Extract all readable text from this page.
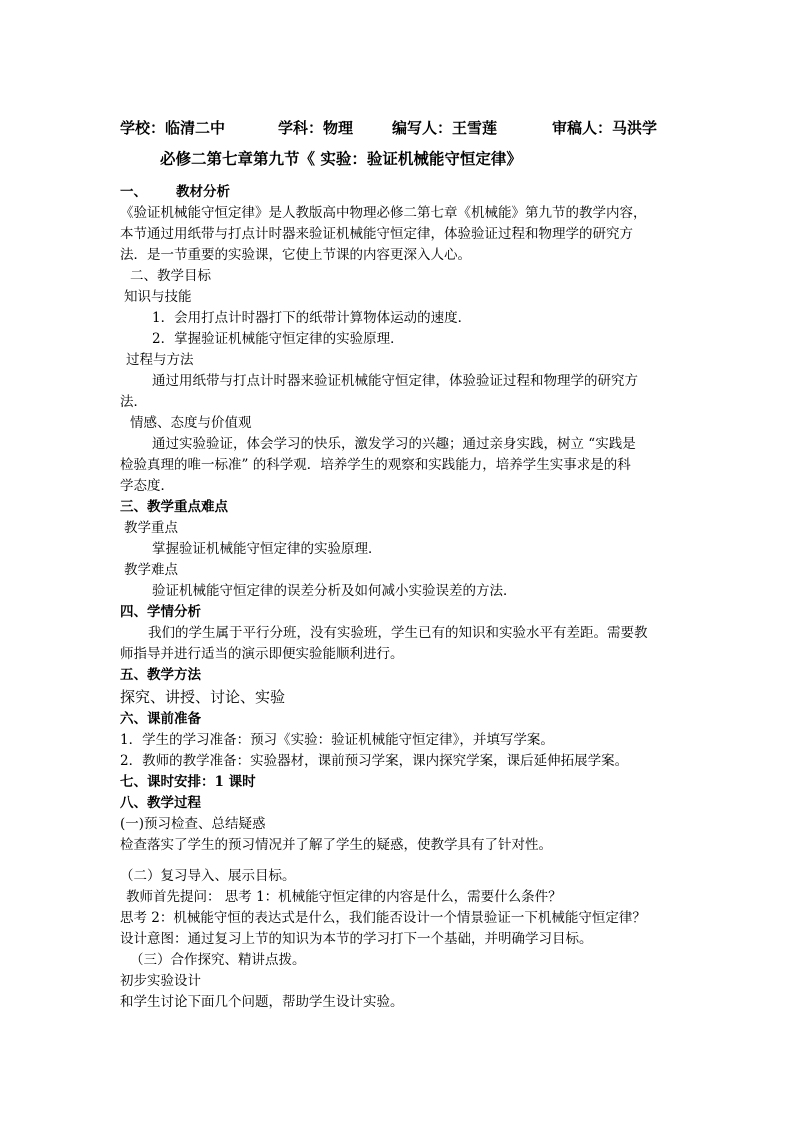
学校：临清二中	学科：物理	编写人：王雪莲	审稿人：马洪学
必修二第七章第九节《 实验：验证机械能守恒定律》
一、 教材分析
《验证机械能守恒定律》是人教版高中物理必修二第七章《机械能》第九节的教学内容，
本节通过用纸带与打点计时器来验证机械能守恒定律，体验验证过程和物理学的研究方
法．是一节重要的实验课，它使上节课的内容更深入人心。
二、教学目标
知识与技能
1．会用打点计时器打下的纸带计算物体运动的速度．
2．掌握验证机械能守恒定律的实验原理．
过程与方法
通过用纸带与打点计时器来验证机械能守恒定律，体验验证过程和物理学的研究方
法．
情感、态度与价值观
通过实验验证，体会学习的快乐，激发学习的兴趣；通过亲身实践，树立 “实践是
检验真理的唯一标准” 的科学观．培养学生的观察和实践能力，培养学生实事求是的科
学态度．
三、教学重点难点
教学重点
掌握验证机械能守恒定律的实验原理．
教学难点
验证机械能守恒定律的误差分析及如何减小实验误差的方法．
四、学情分析
我们的学生属于平行分班，没有实验班，学生已有的知识和实验水平有差距。需要教
师指导并进行适当的演示即便实验能顺利进行。
五、教学方法
探究、讲授、讨论、实验
六、课前准备
1．学生的学习准备：预习《实验：验证机械能守恒定律》，并填写学案。
2．教师的教学准备：实验器材，课前预习学案，课内探究学案，课后延伸拓展学案。
七、课时安排：1 课时
八、教学过程
(一)预习检查、总结疑惑
检查落实了学生的预习情况并了解了学生的疑惑，使教学具有了针对性。
（二）复习导入、展示目标。
教师首先提问： 思考 1：机械能守恒定律的内容是什么，需要什么条件？
思考 2：机械能守恒的表达式是什么，我们能否设计一个情景验证一下机械能守恒定律？
设计意图：通过复习上节的知识为本节的学习打下一个基础，并明确学习目标。
（三）合作探究、精讲点拨。
初步实验设计
和学生讨论下面几个问题，帮助学生设计实验。
